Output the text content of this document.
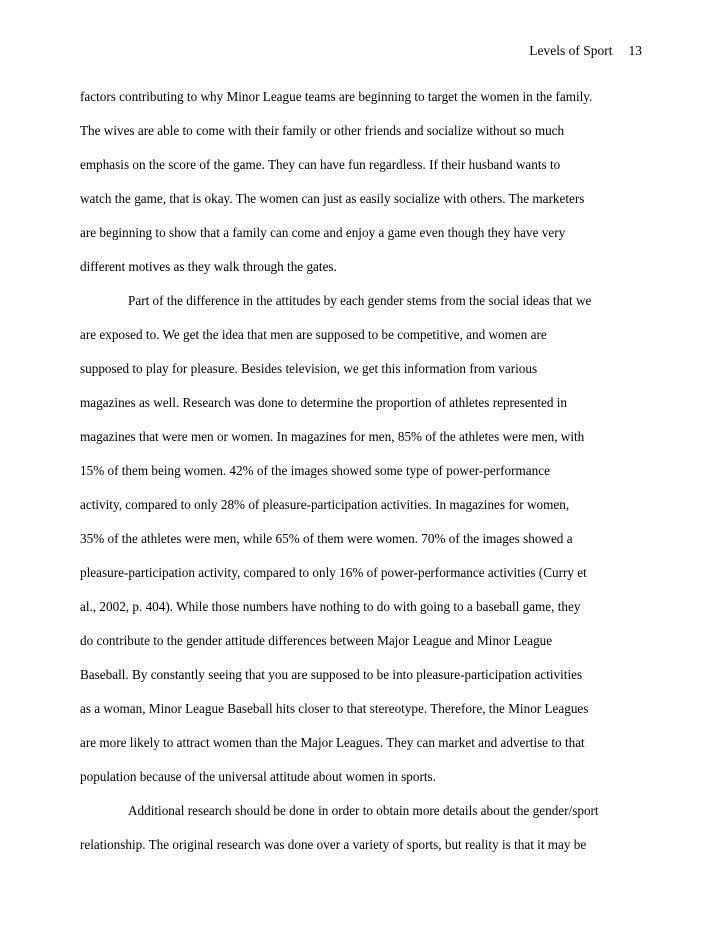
Levels of Sport 13
factors contributing to why Minor League teams are beginning to target the women in the family.
The wives are able to come with their family or other friends and socialize without so much
emphasis on the score of the game. They can have fun regardless. If their husband wants to
watch the game, that is okay. The women can just as easily socialize with others. The marketers
are beginning to show that a family can come and enjoy a game even though they have very
different motives as they walk through the gates.
Part of the difference in the attitudes by each gender stems from the social ideas that we
are exposed to. We get the idea that men are supposed to be competitive, and women are
supposed to play for pleasure. Besides television, we get this information from various
magazines as well. Research was done to determine the proportion of athletes represented in
magazines that were men or women. In magazines for men, 85% of the athletes were men, with
15% of them being women. 42% of the images showed some type of power-performance
activity, compared to only 28% of pleasure-participation activities. In magazines for women,
35% of the athletes were men, while 65% of them were women. 70% of the images showed a
pleasure-participation activity, compared to only 16% of power-performance activities (Curry et
al., 2002, p. 404). While those numbers have nothing to do with going to a baseball game, they
do contribute to the gender attitude differences between Major League and Minor League
Baseball. By constantly seeing that you are supposed to be into pleasure-participation activities
as a woman, Minor League Baseball hits closer to that stereotype. Therefore, the Minor Leagues
are more likely to attract women than the Major Leagues. They can market and advertise to that
population because of the universal attitude about women in sports.
Additional research should be done in order to obtain more details about the gender/sport
relationship. The original research was done over a variety of sports, but reality is that it may be
